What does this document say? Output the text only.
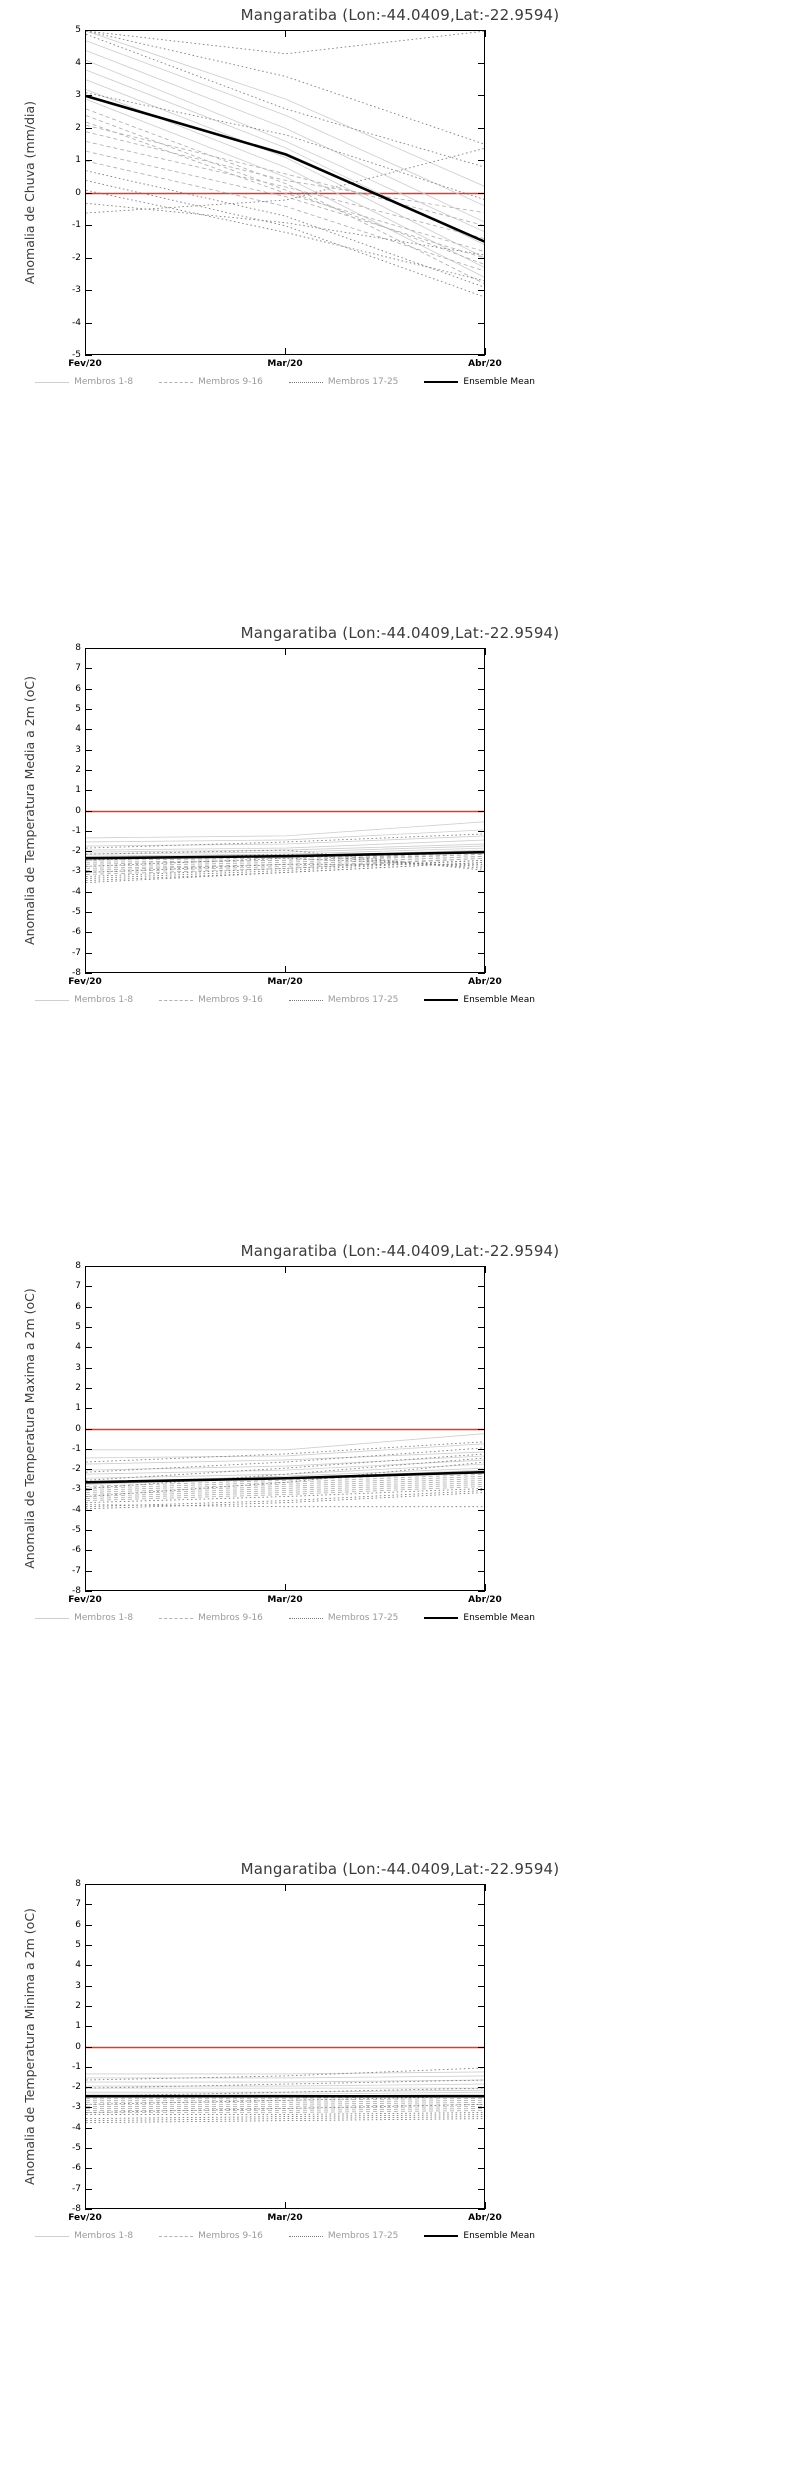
Mangaratiba (Lon:-44.0409,Lat:-22.9594)
Anomalia de Chuva (mm/dia)
-5
-4
-3
-2
-1
0
1
2
3
4
5
Fev/20	Mar/20	Abr/20
Membros 1-8	Membros 9-16	Membros 17-25	Ensemble Mean
Mangaratiba (Lon:-44.0409,Lat:-22.9594)
Anomalia de Temperatura Media a 2m (oC)
-8
-7
-6
-5
-4
-3
-2
-1
0
1
2
3
4
5
6
7
8
Fev/20	Mar/20	Abr/20
Membros 1-8	Membros 9-16	Membros 17-25	Ensemble Mean
Mangaratiba (Lon:-44.0409,Lat:-22.9594)
Anomalia de Temperatura Maxima a 2m (oC)
-8
-7
-6
-5
-4
-3
-2
-1
0
1
2
3
4
5
6
7
8
Fev/20	Mar/20	Abr/20
Membros 1-8	Membros 9-16	Membros 17-25	Ensemble Mean
Mangaratiba (Lon:-44.0409,Lat:-22.9594)
Anomalia de Temperatura Minima a 2m (oC)
-8
-7
-6
-5
-4
-3
-2
-1
0
1
2
3
4
5
6
7
8
Fev/20	Mar/20	Abr/20
Membros 1-8	Membros 9-16	Membros 17-25	Ensemble Mean
